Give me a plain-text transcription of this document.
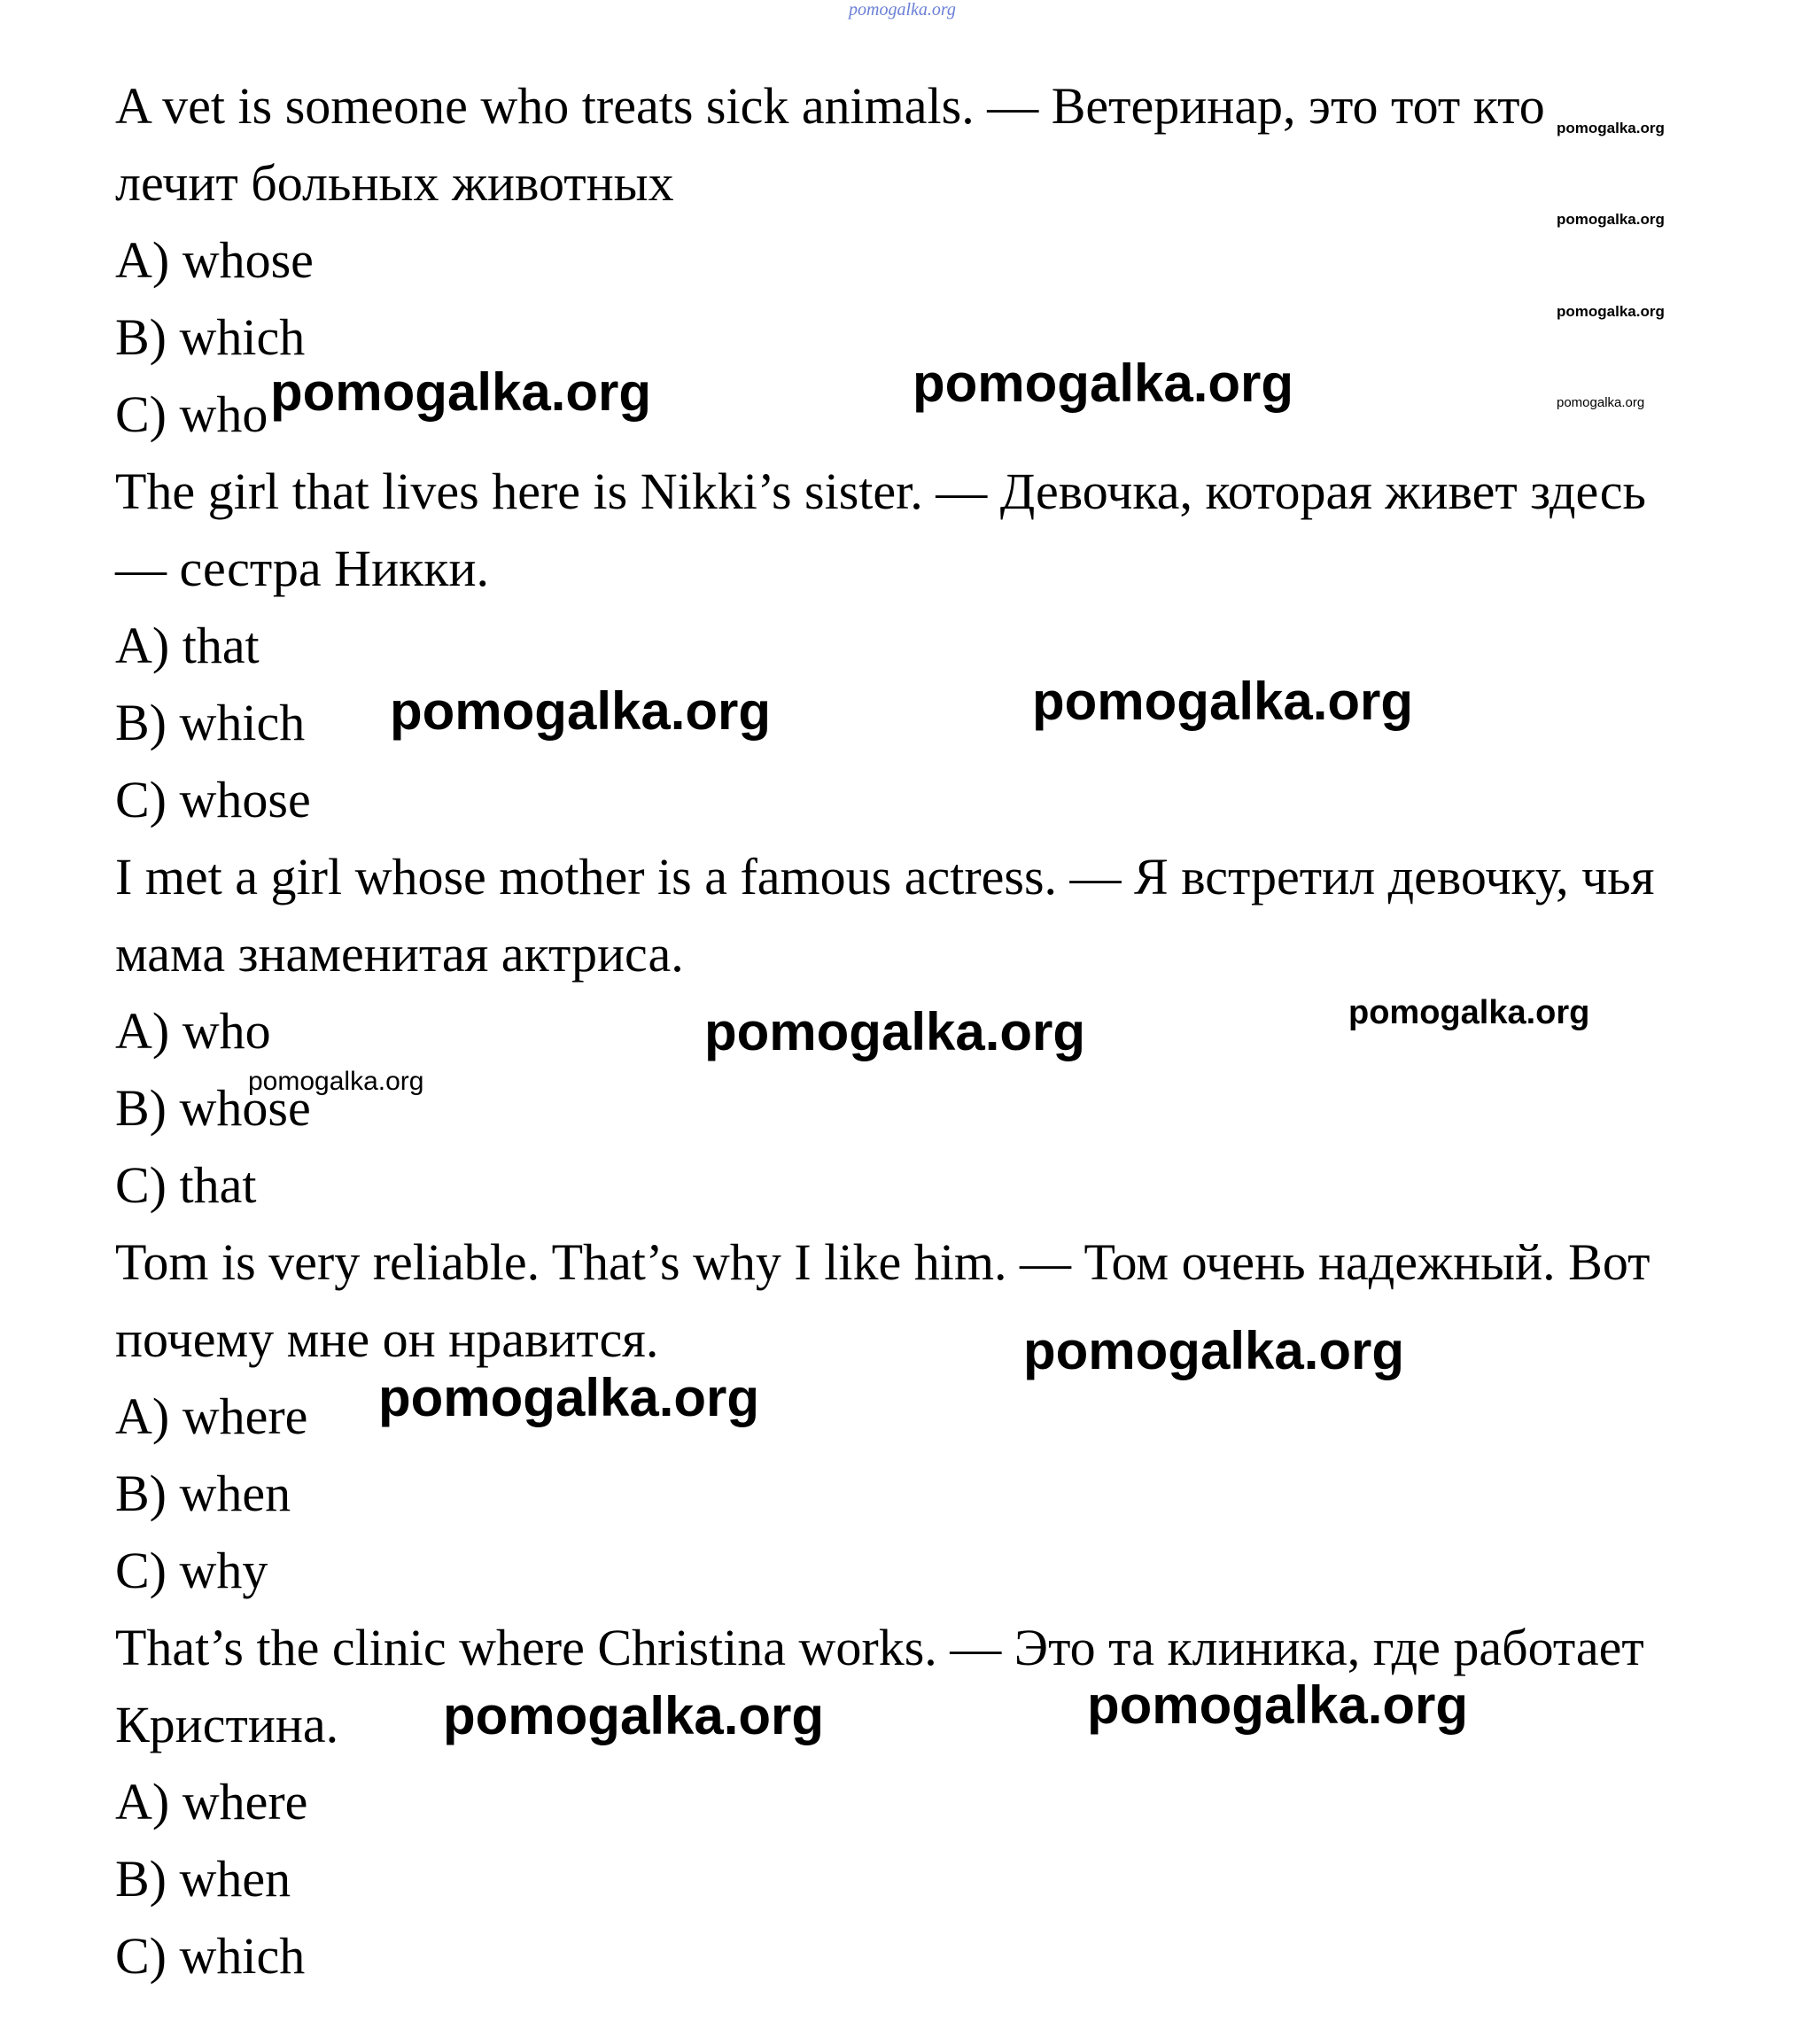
pomogalka.org
A vet is someone who treats sick animals. — Ветеринар, это тот кто
лечит больных животных
A) whose
B) which
C) who
The girl that lives here is Nikki’s sister. — Девочка, которая живет здесь
— сестра Никки.
A) that
B) which
C) whose
I met a girl whose mother is a famous actress. — Я встретил девочку, чья
мама знаменитая актриса.
A) who
B) whose
C) that
Tom is very reliable. That’s why I like him. — Том очень надежный. Вот
почему мне он нравится.
A) where
B) when
C) why
That’s the clinic where Christina works. — Это та клиника, где работает
Кристина.
A) where
B) when
C) which
pomogalka.org	pomogalka.org
pomogalka.org	pomogalka.org
pomogalka.org
pomogalka.org
pomogalka.org
pomogalka.org	pomogalka.org
pomogalka.org
pomogalka.org
pomogalka.org
pomogalka.org
pomogalka.org
pomogalka.org
